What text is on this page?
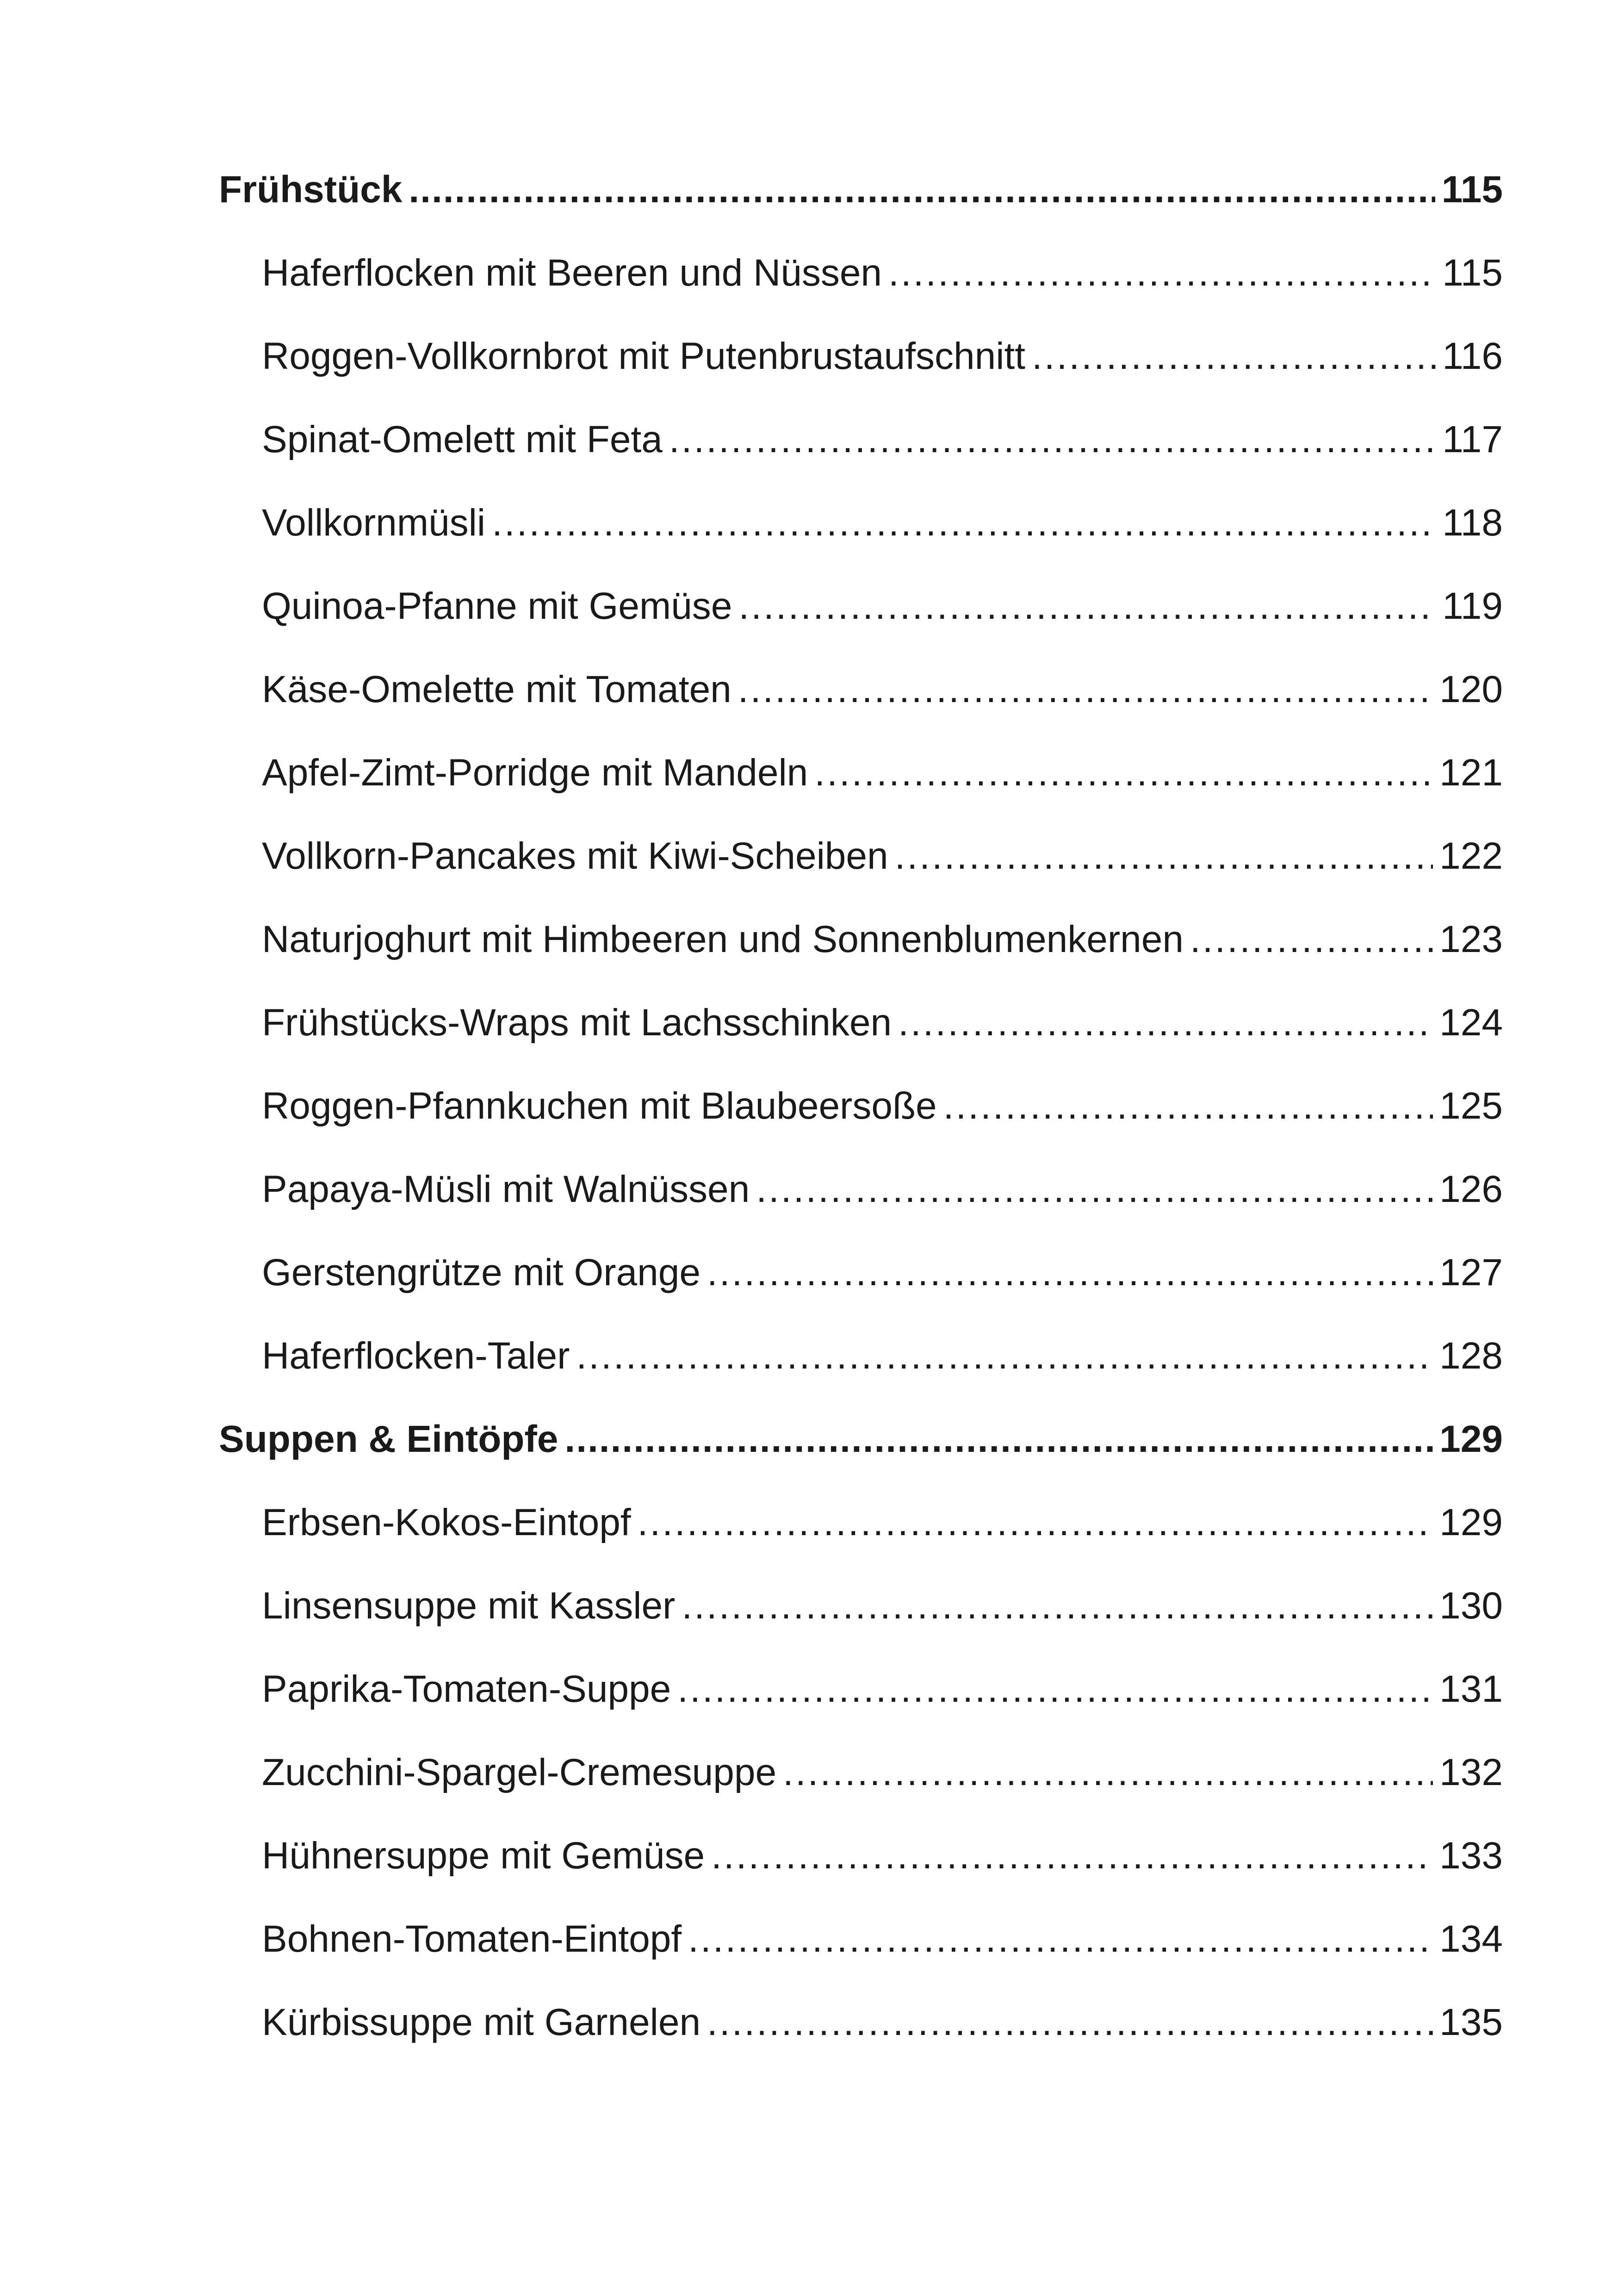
Frühstück .....	115
Haferflocken mit Beeren und Nüssen .....	115
Roggen-Vollkornbrot mit Putenbrustaufschnitt .....	116
Spinat-Omelett mit Feta .....	117
Vollkornmüsli .....	118
Quinoa-Pfanne mit Gemüse .....	119
Käse-Omelette mit Tomaten .....	120
Apfel-Zimt-Porridge mit Mandeln .....	121
Vollkorn-Pancakes mit Kiwi-Scheiben .....	122
Naturjoghurt mit Himbeeren und Sonnenblumenkernen .....	123
Frühstücks-Wraps mit Lachsschinken .....	124
Roggen-Pfannkuchen mit Blaubeersoße .....	125
Papaya-Müsli mit Walnüssen .....	126
Gerstengrütze mit Orange .....	127
Haferflocken-Taler .....	128
Suppen & Eintöpfe .....	129
Erbsen-Kokos-Eintopf .....	129
Linsensuppe mit Kassler .....	130
Paprika-Tomaten-Suppe .....	131
Zucchini-Spargel-Cremesuppe .....	132
Hühnersuppe mit Gemüse .....	133
Bohnen-Tomaten-Eintopf .....	134
Kürbissuppe mit Garnelen .....	135
